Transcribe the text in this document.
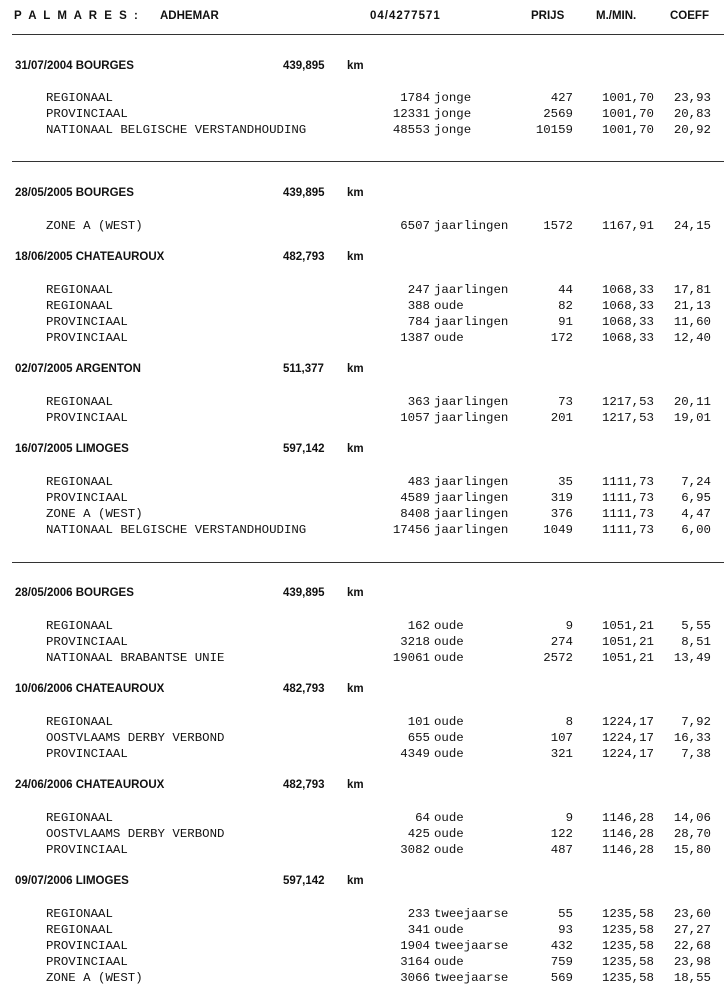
P A L M A R E S : ADHEMAR	04/4277571	PRIJS	M./MIN.	COEFF
31/07/2004 BOURGES	439,895 km
REGIONAAL	1784 jonge	427	1001,70	23,93
PROVINCIAAL	12331 jonge	2569	1001,70	20,83
NATIONAAL BELGISCHE VERSTANDHOUDING	48553 jonge	10159	1001,70	20,92
28/05/2005 BOURGES	439,895 km
ZONE A (WEST)	6507 jaarlingen	1572	1167,91	24,15
18/06/2005 CHATEAUROUX	482,793 km
REGIONAAL	247 jaarlingen	44	1068,33	17,81
REGIONAAL	388 oude	82	1068,33	21,13
PROVINCIAAL	784 jaarlingen	91	1068,33	11,60
PROVINCIAAL	1387 oude	172	1068,33	12,40
02/07/2005 ARGENTON	511,377 km
REGIONAAL	363 jaarlingen	73	1217,53	20,11
PROVINCIAAL	1057 jaarlingen	201	1217,53	19,01
16/07/2005 LIMOGES	597,142 km
REGIONAAL	483 jaarlingen	35	1111,73	7,24
PROVINCIAAL	4589 jaarlingen	319	1111,73	6,95
ZONE A (WEST)	8408 jaarlingen	376	1111,73	4,47
NATIONAAL BELGISCHE VERSTANDHOUDING	17456 jaarlingen	1049	1111,73	6,00
28/05/2006 BOURGES	439,895 km
REGIONAAL	162 oude	9	1051,21	5,55
PROVINCIAAL	3218 oude	274	1051,21	8,51
NATIONAAL BRABANTSE UNIE	19061 oude	2572	1051,21	13,49
10/06/2006 CHATEAUROUX	482,793 km
REGIONAAL	101 oude	8	1224,17	7,92
OOSTVLAAMS DERBY VERBOND	655 oude	107	1224,17	16,33
PROVINCIAAL	4349 oude	321	1224,17	7,38
24/06/2006 CHATEAUROUX	482,793 km
REGIONAAL	64 oude	9	1146,28	14,06
OOSTVLAAMS DERBY VERBOND	425 oude	122	1146,28	28,70
PROVINCIAAL	3082 oude	487	1146,28	15,80
09/07/2006 LIMOGES	597,142 km
REGIONAAL	233 tweejaarse	55	1235,58	23,60
REGIONAAL	341 oude	93	1235,58	27,27
PROVINCIAAL	1904 tweejaarse	432	1235,58	22,68
PROVINCIAAL	3164 oude	759	1235,58	23,98
ZONE A (WEST)	3066 tweejaarse	569	1235,58	18,55
